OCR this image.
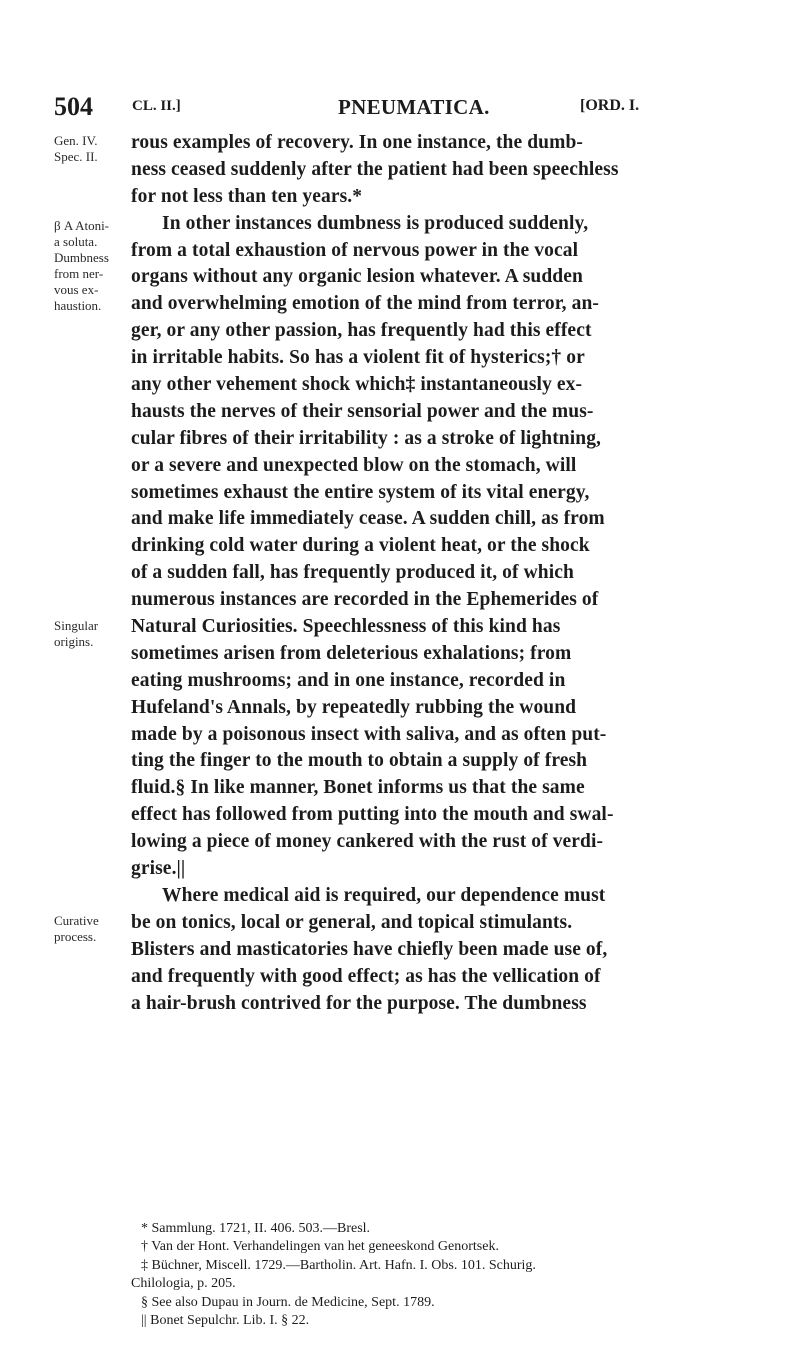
504	CL. II.]	PNEUMATICA.	[ORD. I.
Gen. IV.
Spec. II.
β A Atoni-
a soluta.
Dumbness
from ner-
vous ex-
haustion.
Singular
origins.
Curative
process.
rous examples of recovery. In one instance, the dumb-
ness ceased suddenly after the patient had been speechless
for not less than ten years.*
In other instances dumbness is produced suddenly,
from a total exhaustion of nervous power in the vocal
organs without any organic lesion whatever. A sudden
and overwhelming emotion of the mind from terror, an-
ger, or any other passion, has frequently had this effect
in irritable habits. So has a violent fit of hysterics;† or
any other vehement shock which‡ instantaneously ex-
hausts the nerves of their sensorial power and the mus-
cular fibres of their irritability : as a stroke of lightning,
or a severe and unexpected blow on the stomach, will
sometimes exhaust the entire system of its vital energy,
and make life immediately cease. A sudden chill, as from
drinking cold water during a violent heat, or the shock
of a sudden fall, has frequently produced it, of which
numerous instances are recorded in the Ephemerides of
Natural Curiosities. Speechlessness of this kind has
sometimes arisen from deleterious exhalations; from
eating mushrooms; and in one instance, recorded in
Hufeland's Annals, by repeatedly rubbing the wound
made by a poisonous insect with saliva, and as often put-
ting the finger to the mouth to obtain a supply of fresh
fluid.§ In like manner, Bonet informs us that the same
effect has followed from putting into the mouth and swal-
lowing a piece of money cankered with the rust of verdi-
grise.||
Where medical aid is required, our dependence must
be on tonics, local or general, and topical stimulants.
Blisters and masticatories have chiefly been made use of,
and frequently with good effect; as has the vellication of
a hair-brush contrived for the purpose. The dumbness
* Sammlung. 1721, II. 406. 503.—Bresl.
† Van der Hont. Verhandelingen van het geneeskond Genortsek.
‡ Büchner, Miscell. 1729.—Bartholin. Art. Hafn. I. Obs. 101. Schurig.
Chilologia, p. 205.
§ See also Dupau in Journ. de Medicine, Sept. 1789.
|| Bonet Sepulchr. Lib. I. § 22.
